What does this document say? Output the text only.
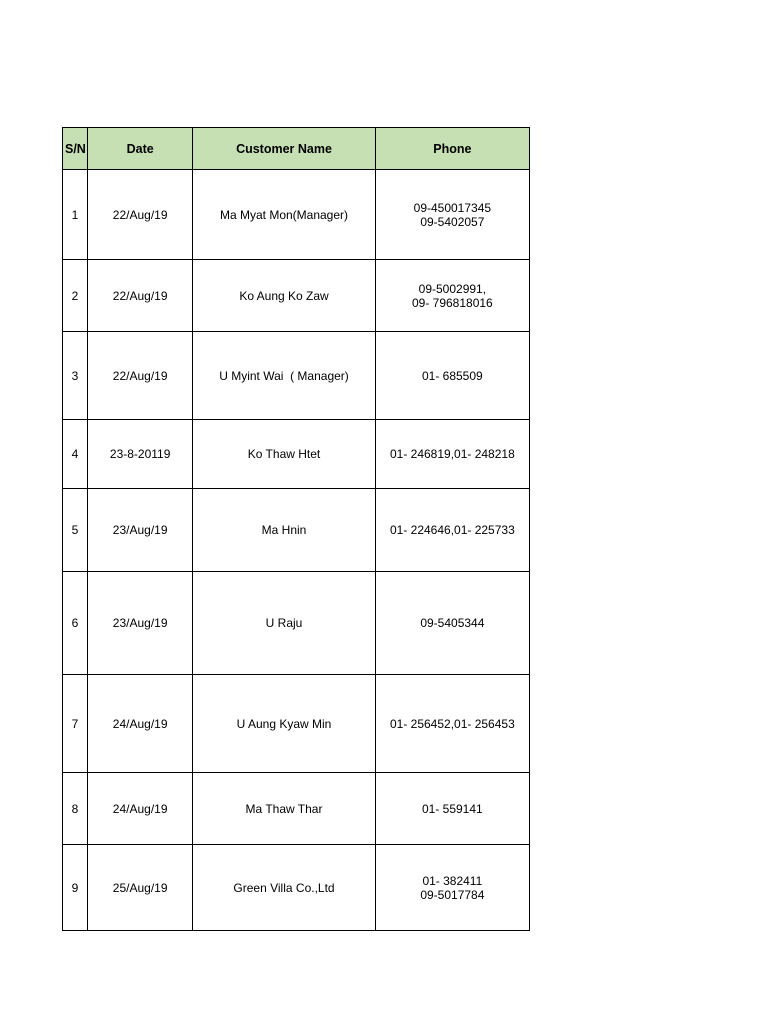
S/N	Date	Customer Name	Phone
1	22/Aug/19	Ma Myat Mon(Manager)	09-450017345
09-5402057

2	22/Aug/19	Ko Aung Ko Zaw	09-5002991,
09- 796818016

3	22/Aug/19	U Myint Wai  ( Manager)	01- 685509

4	23-8-20119	Ko Thaw Htet	01- 246819,01- 248218

5	23/Aug/19	Ma Hnin	01- 224646,01- 225733

6	23/Aug/19	U Raju	09-5405344

7	24/Aug/19	U Aung Kyaw Min	01- 256452,01- 256453

8	24/Aug/19	Ma Thaw Thar	01- 559141

9	25/Aug/19	Green Villa Co.,Ltd	01- 382411
09-5017784
